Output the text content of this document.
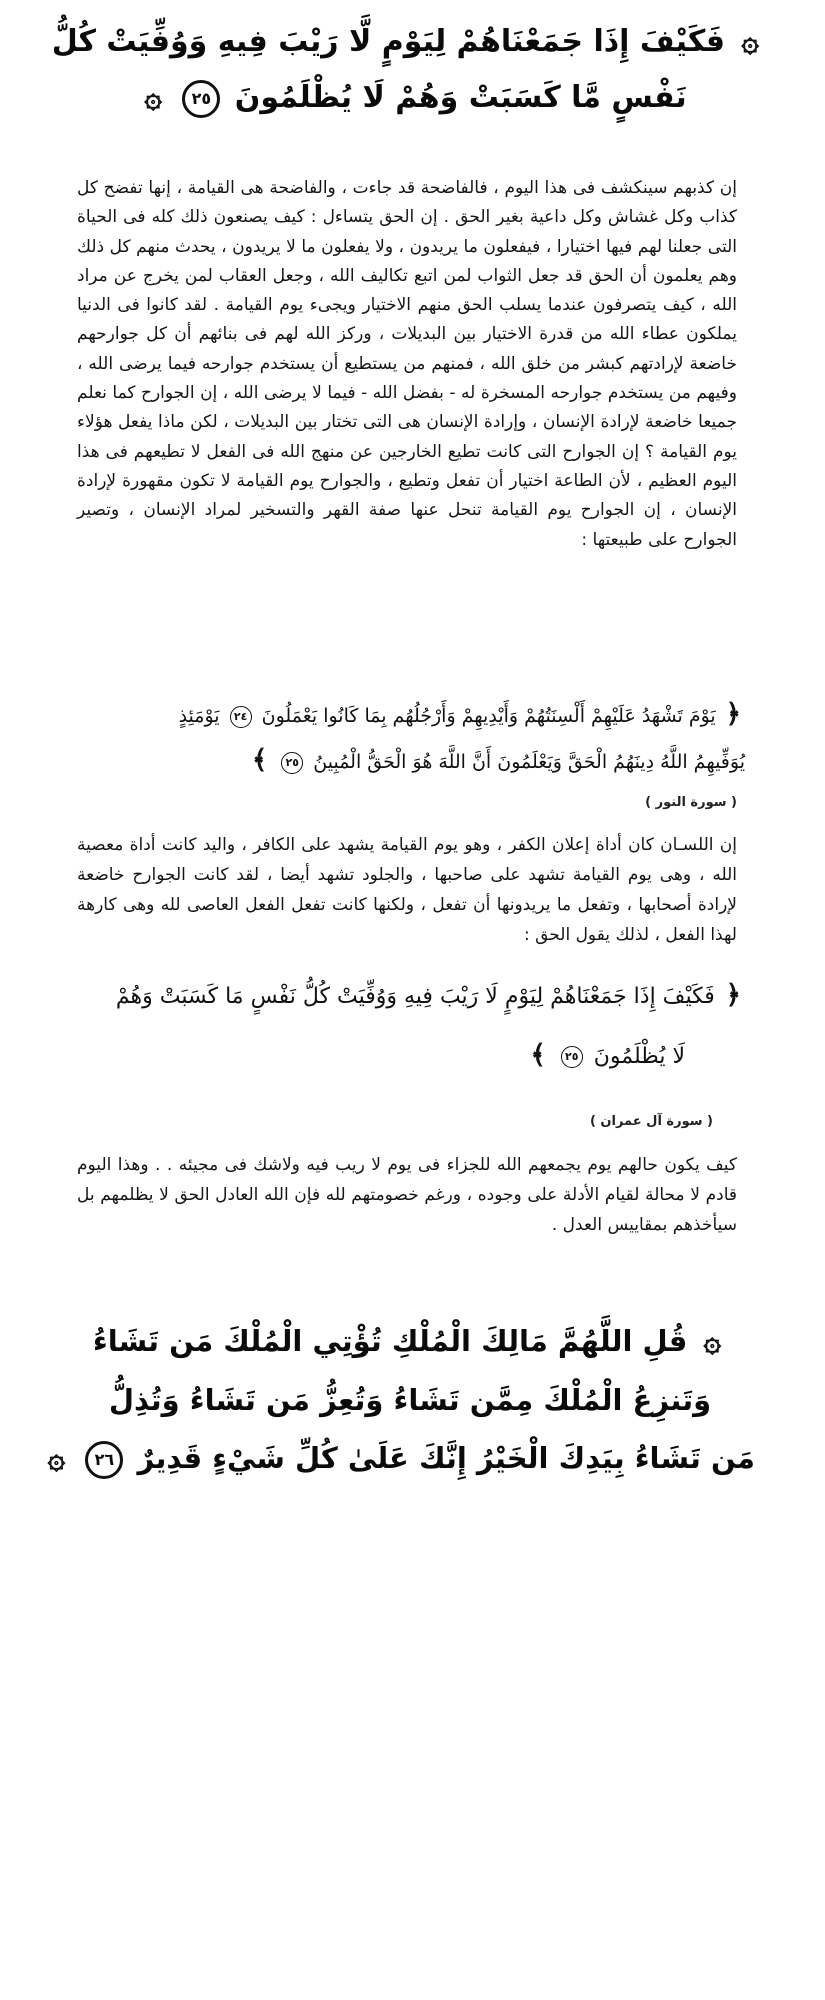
۞ فَكَيْفَ إِذَا جَمَعْنَاهُمْ لِيَوْمٍ لَّا رَيْبَ فِيهِ وَوُفِّيَتْ كُلُّ
نَفْسٍ مَّا كَسَبَتْ وَهُمْ لَا يُظْلَمُونَ ٢٥ ۞
إن كذبهم سينكشف فى هذا اليوم ، فالفاضحة قد جاءت ، والفاضحة هى القيامة ، إنها تفضح كل كذاب وكل غشاش وكل داعية بغير الحق . إن الحق يتساءل : كيف يصنعون ذلك كله فى الحياة التى جعلنا لهم فيها اختيارا ، فيفعلون ما يريدون ، ولا يفعلون ما لا يريدون ، يحدث منهم كل ذلك وهم يعلمون أن الحق قد جعل الثواب لمن اتبع تكاليف الله ، وجعل العقاب لمن يخرج عن مراد الله ، كيف يتصرفون عندما يسلب الحق منهم الاختيار ويجىء يوم القيامة . لقد كانوا فى الدنيا يملكون عطاء الله من قدرة الاختيار بين البديلات ، وركز الله لهم فى بنائهم أن كل جوارحهم خاضعة لإرادتهم كبشر من خلق الله ، فمنهم من يستطيع أن يستخدم جوارحه فيما يرضى الله ، وفيهم من يستخدم جوارحه المسخرة له - بفضل الله - فيما لا يرضى الله ، إن الجوارح كما نعلم جميعا خاضعة لإرادة الإنسان ، وإرادة الإنسان هى التى تختار بين البديلات ، لكن ماذا يفعل هؤلاء يوم القيامة ؟ إن الجوارح التى كانت تطيع الخارجين عن منهج الله فى الفعل لا تطيعهم فى هذا اليوم العظيم ، لأن الطاعة اختيار أن تفعل وتطيع ، والجوارح يوم القيامة لا تكون مقهورة لإرادة الإنسان ، إن الجوارح يوم القيامة تنحل عنها صفة القهر والتسخير لمراد الإنسان ، وتصير الجوارح على طبيعتها :
﴿ يَوْمَ تَشْهَدُ عَلَيْهِمْ أَلْسِنَتُهُمْ وَأَيْدِيهِمْ وَأَرْجُلُهُم بِمَا كَانُوا يَعْمَلُونَ ٢٤ يَوْمَئِذٍ
يُوَفِّيهِمُ اللَّهُ دِينَهُمُ الْحَقَّ وَيَعْلَمُونَ أَنَّ اللَّهَ هُوَ الْحَقُّ الْمُبِينُ ٢٥ ﴾
( سورة النور )
إن اللسـان كان أداة إعلان الكفر ، وهو يوم القيامة يشهد على الكافر ، واليد كانت أداة معصية الله ، وهى يوم القيامة تشهد على صاحبها ، والجلود تشهد أيضا ، لقد كانت الجوارح خاضعة لإرادة أصحابها ، وتفعل ما يريدونها أن تفعل ، ولكنها كانت تفعل الفعل العاصى لله وهى كارهة لهذا الفعل ، لذلك يقول الحق :
﴿ فَكَيْفَ إِذَا جَمَعْنَاهُمْ لِيَوْمٍ لَا رَيْبَ فِيهِ وَوُفِّيَتْ كُلُّ نَفْسٍ مَا كَسَبَتْ وَهُمْ
لَا يُظْلَمُونَ ٢٥ ﴾
( سورة آل عمران )
كيف يكون حالهم يوم يجمعهم الله للجزاء فى يوم لا ريب فيه ولاشك فى مجيئه . . وهذا اليوم قادم لا محالة لقيام الأدلة على وجوده ، ورغم خصومتهم لله فإن الله العادل الحق لا يظلمهم بل سيأخذهم بمقاييس العدل .
۞ قُلِ اللَّهُمَّ مَالِكَ الْمُلْكِ تُؤْتِي الْمُلْكَ مَن تَشَاءُ
وَتَنزِعُ الْمُلْكَ مِمَّن تَشَاءُ وَتُعِزُّ مَن تَشَاءُ وَتُذِلُّ
مَن تَشَاءُ بِيَدِكَ الْخَيْرُ إِنَّكَ عَلَىٰ كُلِّ شَيْءٍ قَدِيرٌ ٢٦ ۞
